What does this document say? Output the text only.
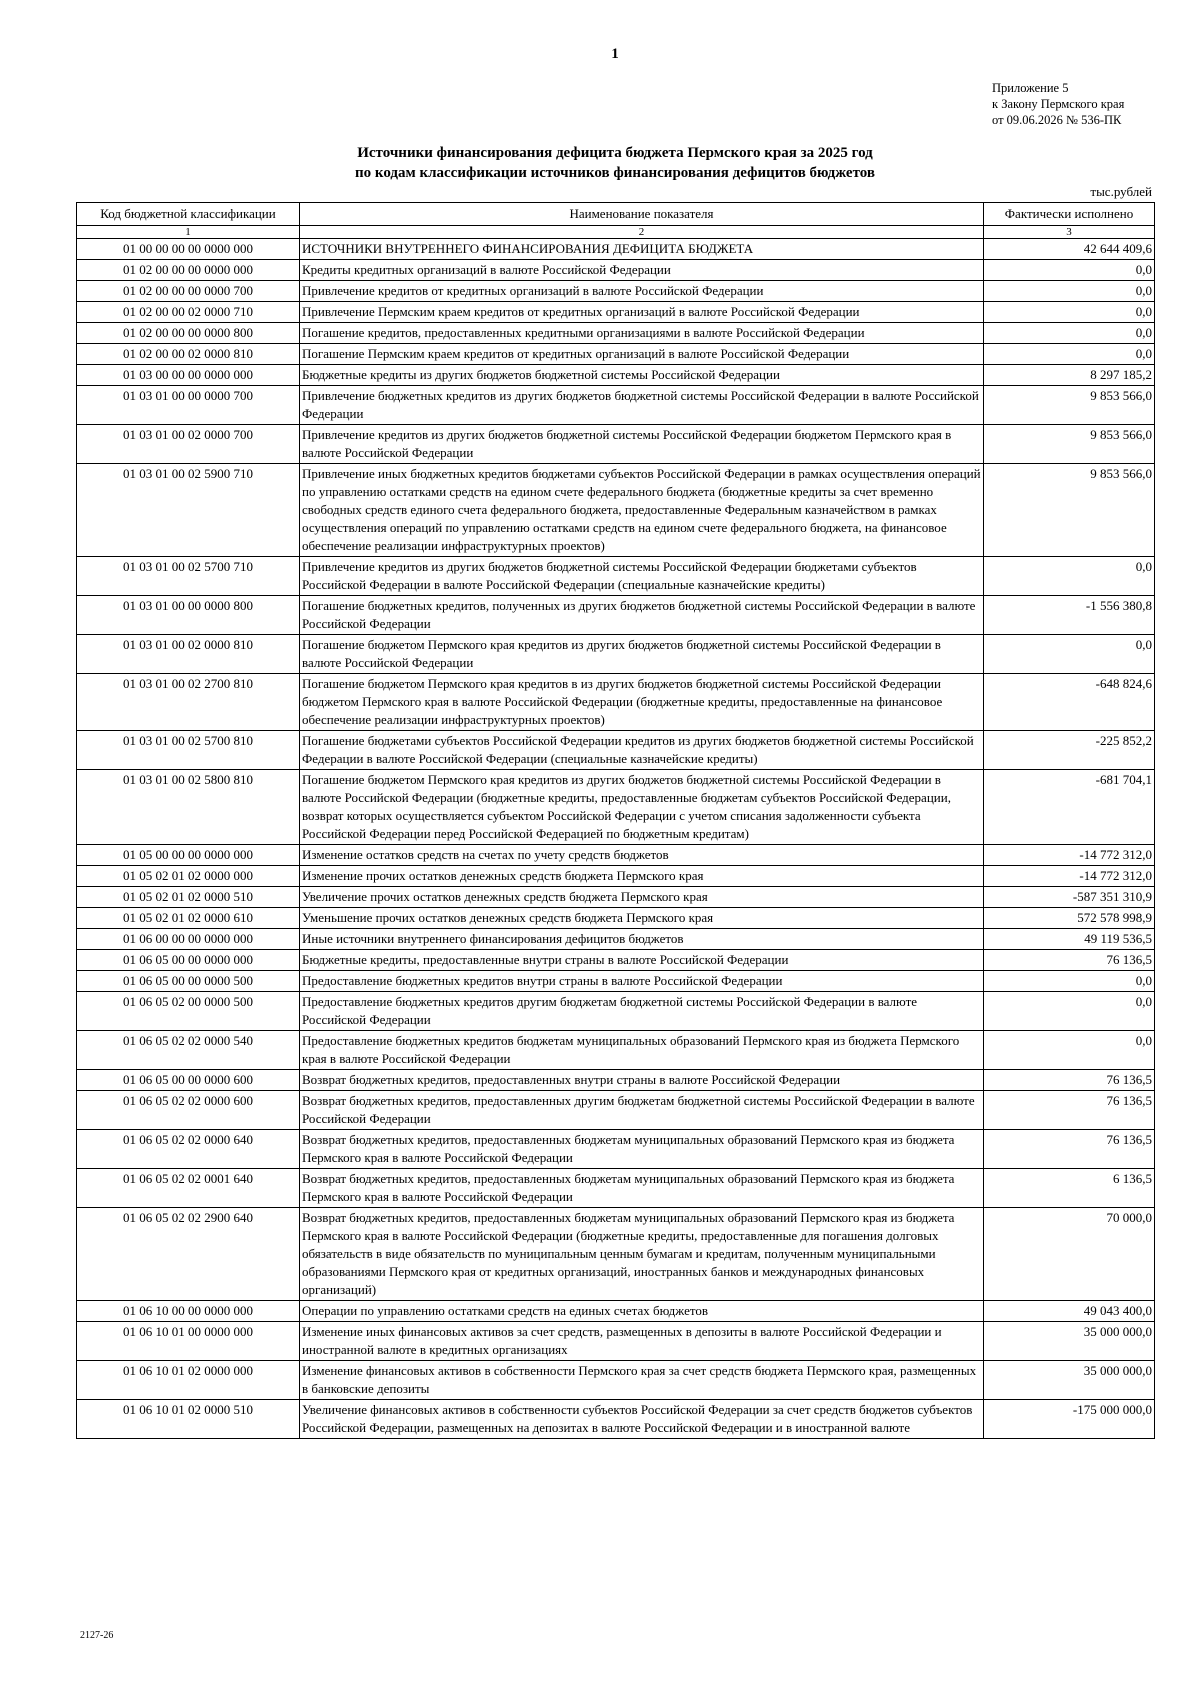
1
Приложение 5
к Закону Пермского края
от 09.06.2026 № 536-ПК
Источники финансирования дефицита бюджета Пермского края за 2025 год
по кодам классификации источников финансирования дефицитов бюджетов
тыс.рублей
Код бюджетной классификации	Наименование показателя	Фактически исполнено
1	2	3
01 00 00 00 00 0000 000	ИСТОЧНИКИ ВНУТРЕННЕГО ФИНАНСИРОВАНИЯ ДЕФИЦИТА БЮДЖЕТА	42 644 409,6
01 02 00 00 00 0000 000	Кредиты кредитных организаций в валюте Российской Федерации	0,0
01 02 00 00 00 0000 700	Привлечение кредитов от кредитных организаций в валюте Российской Федерации	0,0
01 02 00 00 02 0000 710	Привлечение Пермским краем кредитов от кредитных организаций в валюте Российской Федерации	0,0
01 02 00 00 00 0000 800	Погашение кредитов, предоставленных кредитными организациями в валюте Российской Федерации	0,0
01 02 00 00 02 0000 810	Погашение Пермским краем кредитов от кредитных организаций в валюте Российской Федерации	0,0
01 03 00 00 00 0000 000	Бюджетные кредиты из других бюджетов бюджетной системы Российской Федерации	8 297 185,2
01 03 01 00 00 0000 700	Привлечение бюджетных кредитов из других бюджетов бюджетной системы Российской Федерации в валюте Российской Федерации	9 853 566,0
01 03 01 00 02 0000 700	Привлечение кредитов из других бюджетов бюджетной системы Российской Федерации бюджетом Пермского края в валюте Российской Федерации	9 853 566,0
01 03 01 00 02 5900 710	Привлечение иных бюджетных кредитов бюджетами субъектов Российской Федерации в рамках осуществления операций по управлению остатками средств на едином счете федерального бюджета (бюджетные кредиты за счет временно свободных средств единого счета федерального бюджета, предоставленные Федеральным казначейством в рамках осуществления операций по управлению остатками средств на едином счете федерального бюджета, на финансовое обеспечение реализации инфраструктурных проектов)	9 853 566,0
01 03 01 00 02 5700 710	Привлечение кредитов из других бюджетов бюджетной системы Российской Федерации бюджетами субъектов Российской Федерации в валюте Российской Федерации (специальные казначейские кредиты)	0,0
01 03 01 00 00 0000 800	Погашение бюджетных кредитов, полученных из других бюджетов бюджетной системы Российской Федерации в валюте Российской Федерации	-1 556 380,8
01 03 01 00 02 0000 810	Погашение бюджетом Пермского края кредитов из других бюджетов бюджетной системы Российской Федерации в валюте Российской Федерации	0,0
01 03 01 00 02 2700 810	Погашение бюджетом Пермского края кредитов в из других бюджетов бюджетной системы Российской Федерации бюджетом Пермского края в валюте Российской Федерации (бюджетные кредиты, предоставленные на финансовое обеспечение реализации инфраструктурных проектов)	-648 824,6
01 03 01 00 02 5700 810	Погашение бюджетами субъектов Российской Федерации кредитов из других бюджетов бюджетной системы Российской Федерации в валюте Российской Федерации (специальные казначейские кредиты)	-225 852,2
01 03 01 00 02 5800 810	Погашение бюджетом Пермского края кредитов из других бюджетов бюджетной системы Российской Федерации в валюте Российской Федерации (бюджетные кредиты, предоставленные бюджетам субъектов Российской Федерации, возврат которых осуществляется субъектом Российской Федерации с учетом списания задолженности субъекта Российской Федерации перед Российской Федерацией по бюджетным кредитам)	-681 704,1
01 05 00 00 00 0000 000	Изменение остатков средств на счетах по учету средств бюджетов	-14 772 312,0
01 05 02 01 02 0000 000	Изменение прочих остатков денежных средств бюджета Пермского края	-14 772 312,0
01 05 02 01 02 0000 510	Увеличение прочих остатков денежных средств бюджета Пермского края	-587 351 310,9
01 05 02 01 02 0000 610	Уменьшение прочих остатков денежных средств бюджета Пермского края	572 578 998,9
01 06 00 00 00 0000 000	Иные источники внутреннего финансирования дефицитов бюджетов	49 119 536,5
01 06 05 00 00 0000 000	Бюджетные кредиты, предоставленные внутри страны в валюте Российской Федерации	76 136,5
01 06 05 00 00 0000 500	Предоставление бюджетных кредитов внутри страны в валюте Российской Федерации	0,0
01 06 05 02 00 0000 500	Предоставление бюджетных кредитов другим бюджетам бюджетной системы Российской Федерации в валюте Российской Федерации	0,0
01 06 05 02 02 0000 540	Предоставление бюджетных кредитов бюджетам муниципальных образований Пермского края из бюджета Пермского края в валюте Российской Федерации	0,0
01 06 05 00 00 0000 600	Возврат бюджетных кредитов, предоставленных внутри страны в валюте Российской Федерации	76 136,5
01 06 05 02 02 0000 600	Возврат бюджетных кредитов, предоставленных другим бюджетам бюджетной системы Российской Федерации в валюте Российской Федерации	76 136,5
01 06 05 02 02 0000 640	Возврат бюджетных кредитов, предоставленных бюджетам муниципальных образований Пермского края из бюджета Пермского края в валюте Российской Федерации	76 136,5
01 06 05 02 02 0001 640	Возврат бюджетных кредитов, предоставленных бюджетам муниципальных образований Пермского края из бюджета Пермского края в валюте Российской Федерации	6 136,5
01 06 05 02 02 2900 640	Возврат бюджетных кредитов, предоставленных бюджетам муниципальных образований Пермского края из бюджета Пермского края в валюте Российской Федерации (бюджетные кредиты, предоставленные для погашения долговых обязательств в виде обязательств по муниципальным ценным бумагам и кредитам, полученным муниципальными образованиями Пермского края от кредитных организаций, иностранных банков и международных финансовых организаций)	70 000,0
01 06 10 00 00 0000 000	Операции по управлению остатками средств на единых счетах бюджетов	49 043 400,0
01 06 10 01 00 0000 000	Изменение иных финансовых активов за счет средств, размещенных в депозиты в валюте Российской Федерации и иностранной валюте в кредитных организациях	35 000 000,0
01 06 10 01 02 0000 000	Изменение финансовых активов в собственности Пермского края за счет средств бюджета Пермского края, размещенных в банковские депозиты	35 000 000,0
01 06 10 01 02 0000 510	Увеличение финансовых активов в собственности субъектов Российской Федерации за счет средств бюджетов субъектов Российской Федерации, размещенных на депозитах в валюте Российской Федерации и в иностранной валюте	-175 000 000,0
2127-26
